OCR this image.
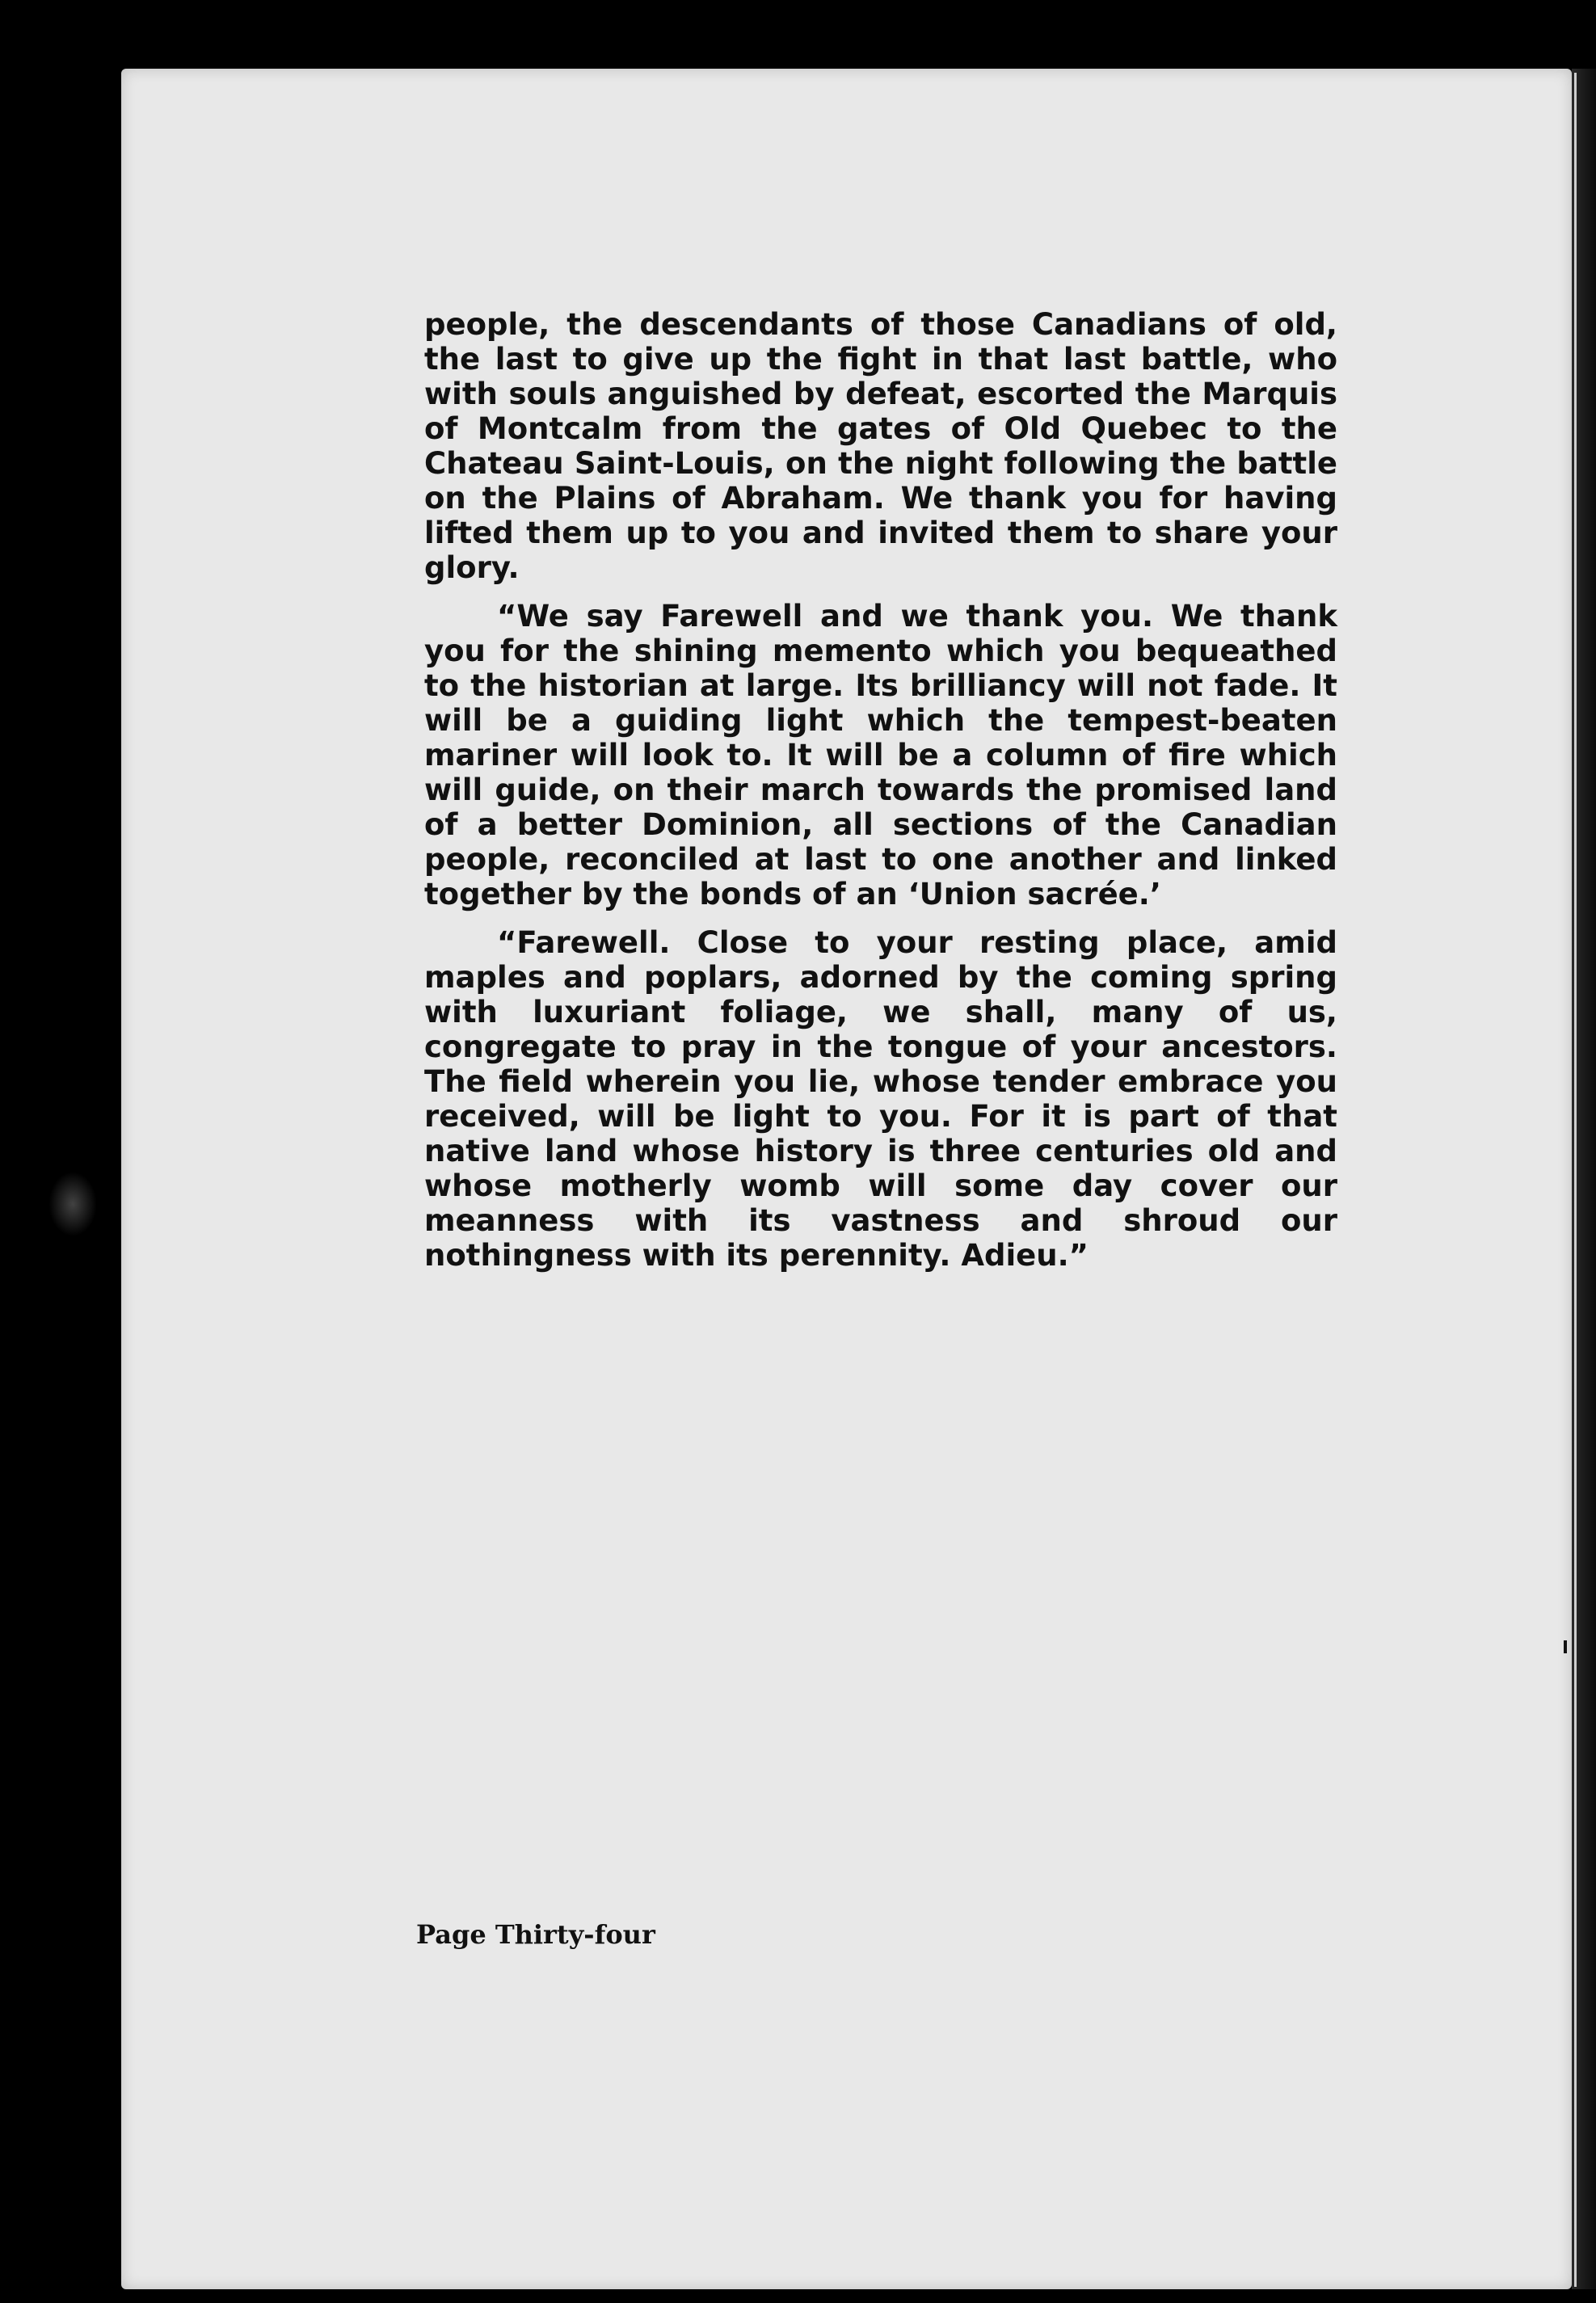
people, the descendants of those Canadians of old, the last to give up the fight in that last battle, who with souls anguished by defeat, escorted the Marquis of Montcalm from the gates of Old Quebec to the Chateau Saint-Louis, on the night following the battle on the Plains of Abraham. We thank you for having lifted them up to you and invited them to share your glory.

“We say Farewell and we thank you. We thank you for the shining memento which you bequeathed to the historian at large. Its brilliancy will not fade. It will be a guiding light which the tempest-beaten mariner will look to. It will be a column of fire which will guide, on their march towards the promised land of a better Dominion, all sections of the Canadian people, reconciled at last to one another and linked together by the bonds of an ‘Union sacrée.’

“Farewell. Close to your resting place, amid maples and poplars, adorned by the coming spring with luxuriant foliage, we shall, many of us, congregate to pray in the tongue of your ancestors. The field wherein you lie, whose tender embrace you received, will be light to you. For it is part of that native land whose history is three centuries old and whose motherly womb will some day cover our meanness with its vastness and shroud our nothingness with its perennity. Adieu.”

Page Thirty-four
